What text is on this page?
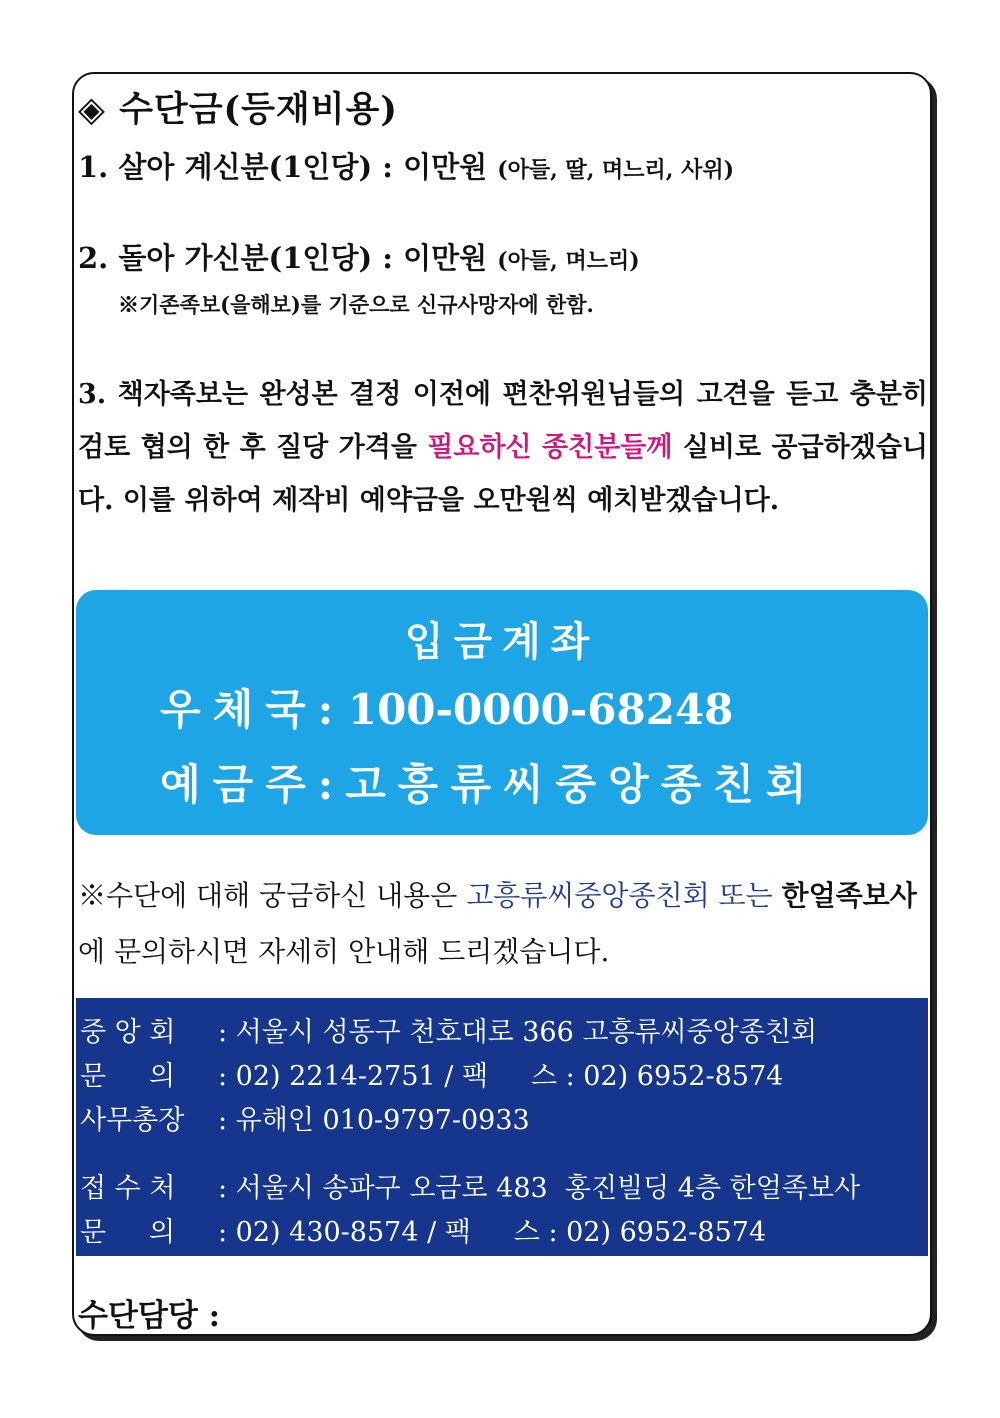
◈ 수단금(등재비용)
1. 살아 계신분(1인당) : 이만원 (아들, 딸, 며느리, 사위)
2. 돌아 가신분(1인당) : 이만원 (아들, 며느리)
※기존족보(을해보)를 기준으로 신규사망자에 한함.
3. 책자족보는 완성본 결정 이전에 편찬위원님들의 고견을 듣고 충분히 검토 협의 한 후 질당 가격을 필요하신 종친분들께 실비로 공급하겠습니다. 이를 위하여 제작비 예약금을 오만원씩 예치받겠습니다.
입금계좌
우체국: 100-0000-68248
예금주:고흥류씨중앙종친회
※수단에 대해 궁금하신 내용은 고흥류씨중앙종친회 또는 한얼족보사에 문의하시면 자세히 안내해 드리겠습니다.
중 앙 회 : 서울시 성동구 천호대로 366 고흥류씨중앙종친회
문     의 : 02) 2214-2751 / 팩     스 : 02) 6952-8574
사무총장 : 유해인 010-9797-0933
접 수 처 : 서울시 송파구 오금로 483  홍진빌딩 4층 한얼족보사
문     의 : 02) 430-8574 / 팩     스 : 02) 6952-8574
수단담당 :
